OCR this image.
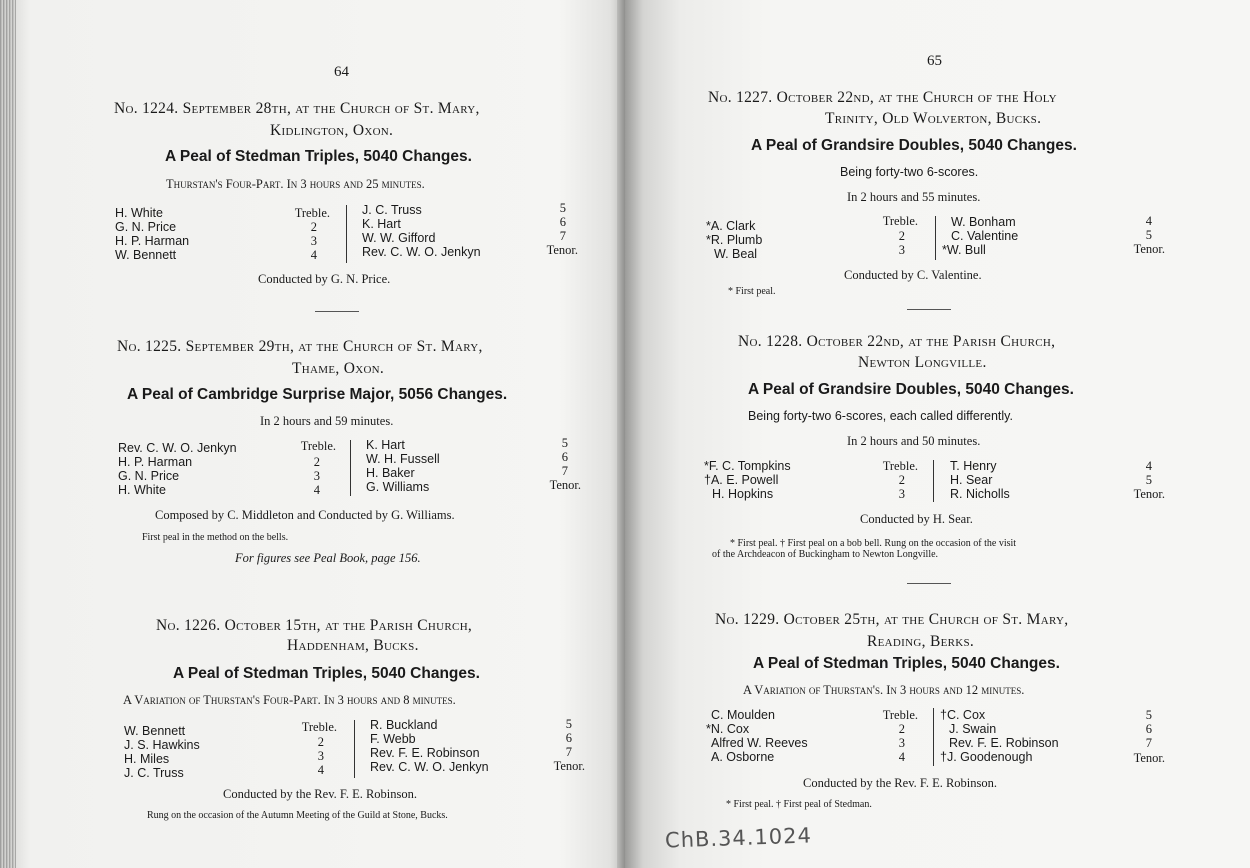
64
No. 1224. September 28th, at the Church of St. Mary,
Kidlington, Oxon.
A Peal of Stedman Triples, 5040 Changes.
Thurstan's Four-Part. In 3 hours and 25 minutes.
H. White	Treble.
G. N. Price	2
H. P. Harman	3
W. Bennett	4
J. C. Truss	5
K. Hart	6
W. W. Gifford	7
Rev. C. W. O. Jenkyn	Tenor.
Conducted by G. N. Price.
No. 1225. September 29th, at the Church of St. Mary,
Thame, Oxon.
A Peal of Cambridge Surprise Major, 5056 Changes.
In 2 hours and 59 minutes.
Rev. C. W. O. Jenkyn	Treble.
H. P. Harman	2
G. N. Price	3
H. White	4
K. Hart	5
W. H. Fussell	6
H. Baker	7
G. Williams	Tenor.
Composed by C. Middleton and Conducted by G. Williams.
First peal in the method on the bells.
For figures see Peal Book, page 156.
No. 1226. October 15th, at the Parish Church,
Haddenham, Bucks.
A Peal of Stedman Triples, 5040 Changes.
A Variation of Thurstan's Four-Part. In 3 hours and 8 minutes.
W. Bennett	Treble.
J. S. Hawkins	2
H. Miles	3
J. C. Truss	4
R. Buckland	5
F. Webb	6
Rev. F. E. Robinson	7
Rev. C. W. O. Jenkyn	Tenor.
Conducted by the Rev. F. E. Robinson.
Rung on the occasion of the Autumn Meeting of the Guild at Stone, Bucks.
65
No. 1227. October 22nd, at the Church of the Holy
Trinity, Old Wolverton, Bucks.
A Peal of Grandsire Doubles, 5040 Changes.
Being forty-two 6-scores.
In 2 hours and 55 minutes.
*A. Clark	Treble.
*R. Plumb	2
W. Beal	3
W. Bonham	4
C. Valentine	5
*W. Bull	Tenor.
Conducted by C. Valentine.
* First peal.
No. 1228. October 22nd, at the Parish Church,
Newton Longville.
A Peal of Grandsire Doubles, 5040 Changes.
Being forty-two 6-scores, each called differently.
In 2 hours and 50 minutes.
*F. C. Tompkins	Treble.
†A. E. Powell	2
H. Hopkins	3
T. Henry	4
H. Sear	5
R. Nicholls	Tenor.
Conducted by H. Sear.
* First peal. † First peal on a bob bell. Rung on the occasion of the visit
of the Archdeacon of Buckingham to Newton Longville.
No. 1229. October 25th, at the Church of St. Mary,
Reading, Berks.
A Peal of Stedman Triples, 5040 Changes.
A Variation of Thurstan's. In 3 hours and 12 minutes.
C. Moulden	Treble.
*N. Cox	2
Alfred W. Reeves	3
A. Osborne	4
†C. Cox	5
J. Swain	6
Rev. F. E. Robinson	7
†J. Goodenough	Tenor.
Conducted by the Rev. F. E. Robinson.
* First peal. † First peal of Stedman.
ChB.34.1024
